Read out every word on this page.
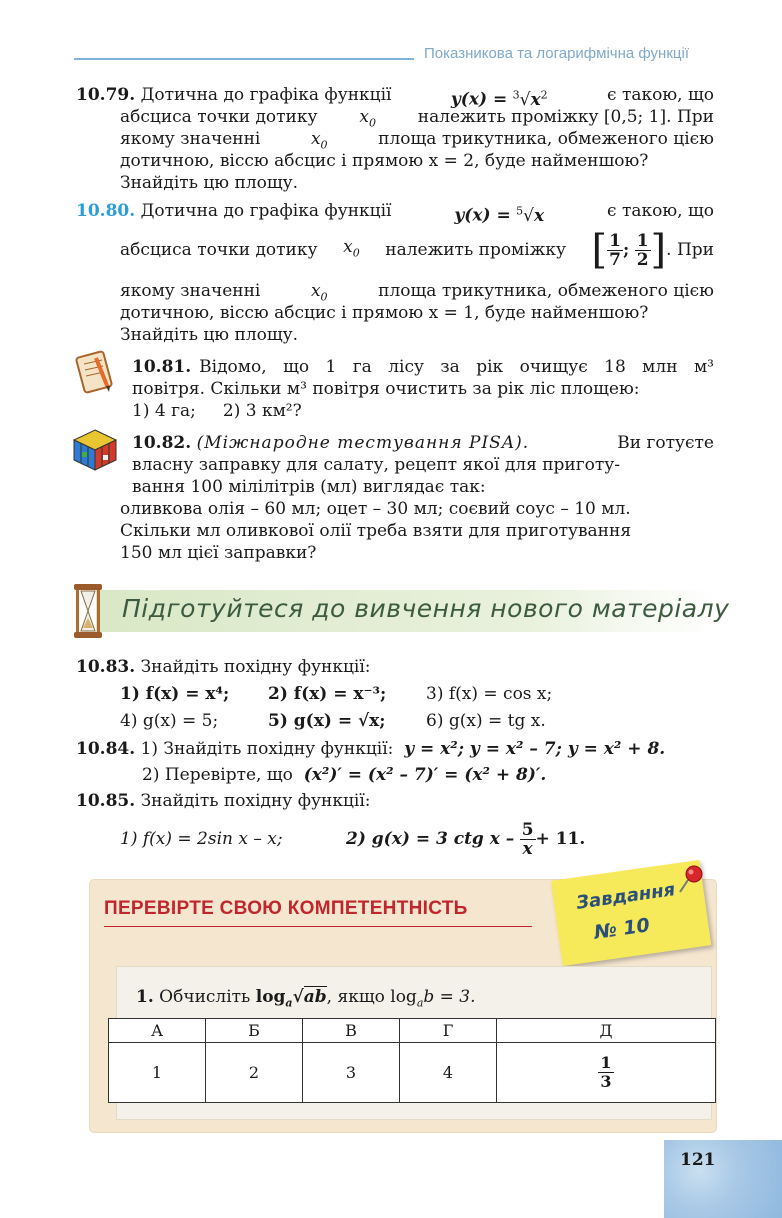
Показникова та логарифмічна функції
10.79. Дотична до графіка функції	$y(x) = ^3√x^2$	є такою, що
абсциса точки дотику $x_0$ належить проміжку [0,5; 1]. При
якому значенні	$x_0$	площа трикутника, обмеженого цією
дотичною, віссю абсцис і прямою x = 2, буде найменшою?
Знайдіть цю площу.
10.80. Дотична до графіка функції	y(x) = $^5$√x	є такою, що
абсциса точки дотику $x_0$ належить проміжку [ $\frac{1}{7}$ ;
$\frac{1}{2}$ ] . При
якому значенні	$x_0$	площа трикутника, обмеженого цією
дотичною, віссю абсцис і прямою x = 1, буде найменшою?
Знайдіть цю площу.
10.81. Відомо, що 1 га лісу за рік очищує 18 млн м³
повітря. Скільки м³ повітря очистить за рік ліс площею:
1) 4 га; 2) 3 км²?
10.82. (Міжнародне тестування PISA).	Ви готуєте
власну заправку для салату, рецепт якої для приготу-
вання 100 мілілітрів (мл) виглядає так:
оливкова олія – 60 мл; оцет – 30 мл; соєвий соус – 10 мл.
Скільки мл оливкової олії треба взяти для приготування
150 мл цієї заправки?
Підготуйтеся до вивчення нового матеріалу
10.83. Знайдіть похідну функції:
1) f(x) = x⁴; 2) f(x) = x⁻³; 3) f(x) = cos x;
4) g(x) = 5;	5) g(x) = √x; 6) g(x) = tg x.
10.84. 1) Знайдіть похідну функції: y = x²; y = x² – 7; y = x² + 8.
2) Перевірте, що (x²)′ = (x² – 7)′ = (x² + 8)′.
10.85. Знайдіть похідну функції:
1) f(x) = 2sin x – x;	2) g(x) = 3 ctg x –
$\frac{5}{x} + 11$.
ПЕРЕВІРТЕ СВОЮ КОМПЕТЕНТНІСТЬ	Завдання
№ 10
1. Обчисліть $\log_a√ab$, якщо $\log_ab = 3$.
А	Б	В	Г	Д
1	2	3	4	$\frac{1}{3}$
121
